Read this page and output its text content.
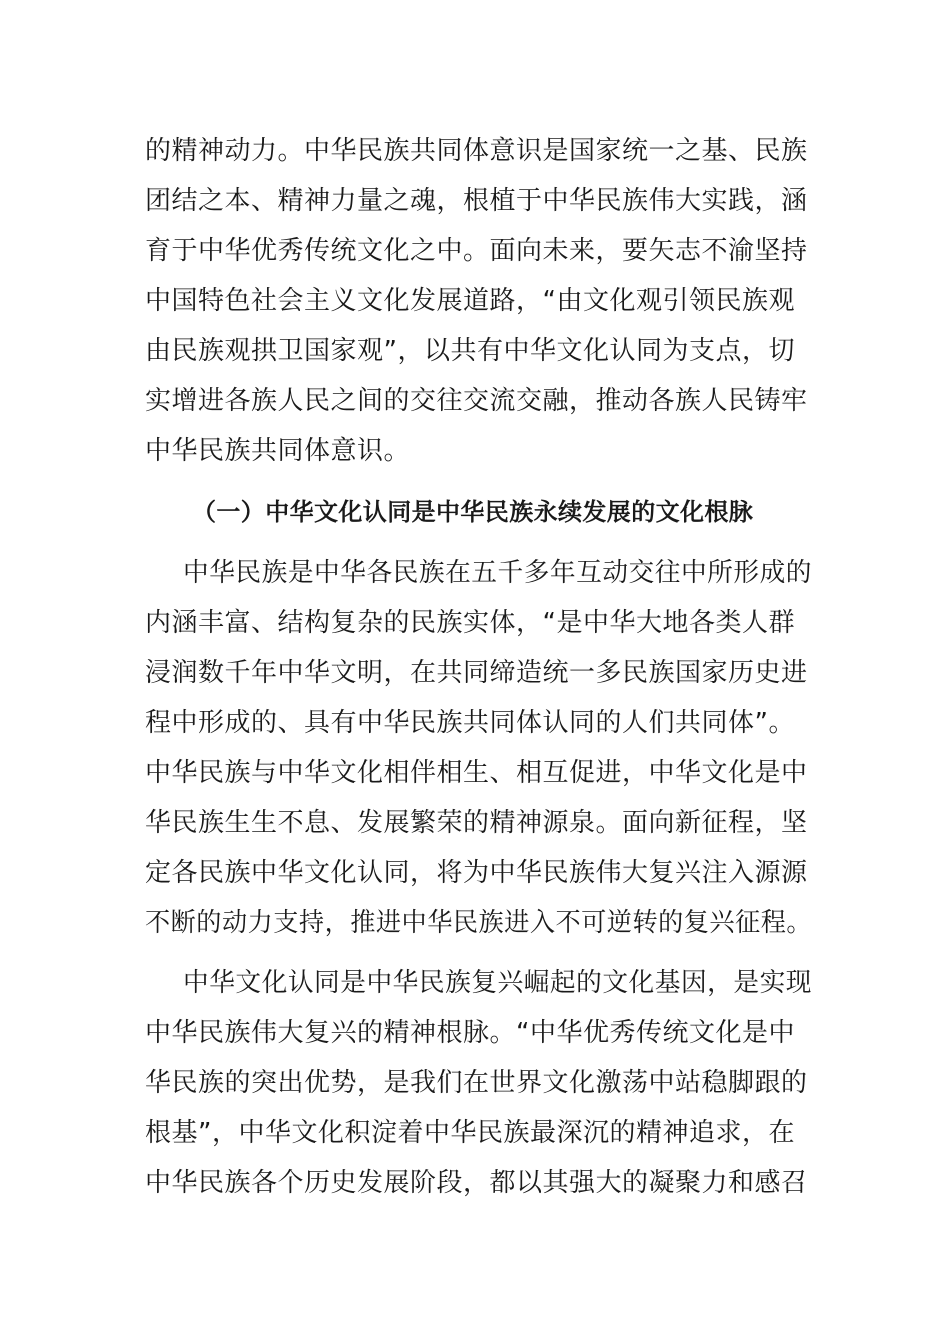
的精神动力。中华民族共同体意识是国家统一之基、民族
团结之本、精神力量之魂，根植于中华民族伟大实践，涵
育于中华优秀传统文化之中。面向未来，要矢志不渝坚持
中国特色社会主义文化发展道路，“由文化观引领民族观
由民族观拱卫国家观”，以共有中华文化认同为支点，切
实增进各族人民之间的交往交流交融，推动各族人民铸牢
中华民族共同体意识。
（一）中华文化认同是中华民族永续发展的文化根脉
中华民族是中华各民族在五千多年互动交往中所形成的
内涵丰富、结构复杂的民族实体，“是中华大地各类人群
浸润数千年中华文明，在共同缔造统一多民族国家历史进
程中形成的、具有中华民族共同体认同的人们共同体”。
中华民族与中华文化相伴相生、相互促进，中华文化是中
华民族生生不息、发展繁荣的精神源泉。面向新征程，坚
定各民族中华文化认同，将为中华民族伟大复兴注入源源
不断的动力支持，推进中华民族进入不可逆转的复兴征程。
中华文化认同是中华民族复兴崛起的文化基因，是实现
中华民族伟大复兴的精神根脉。“中华优秀传统文化是中
华民族的突出优势，是我们在世界文化激荡中站稳脚跟的
根基”，中华文化积淀着中华民族最深沉的精神追求，在
中华民族各个历史发展阶段，都以其强大的凝聚力和感召
